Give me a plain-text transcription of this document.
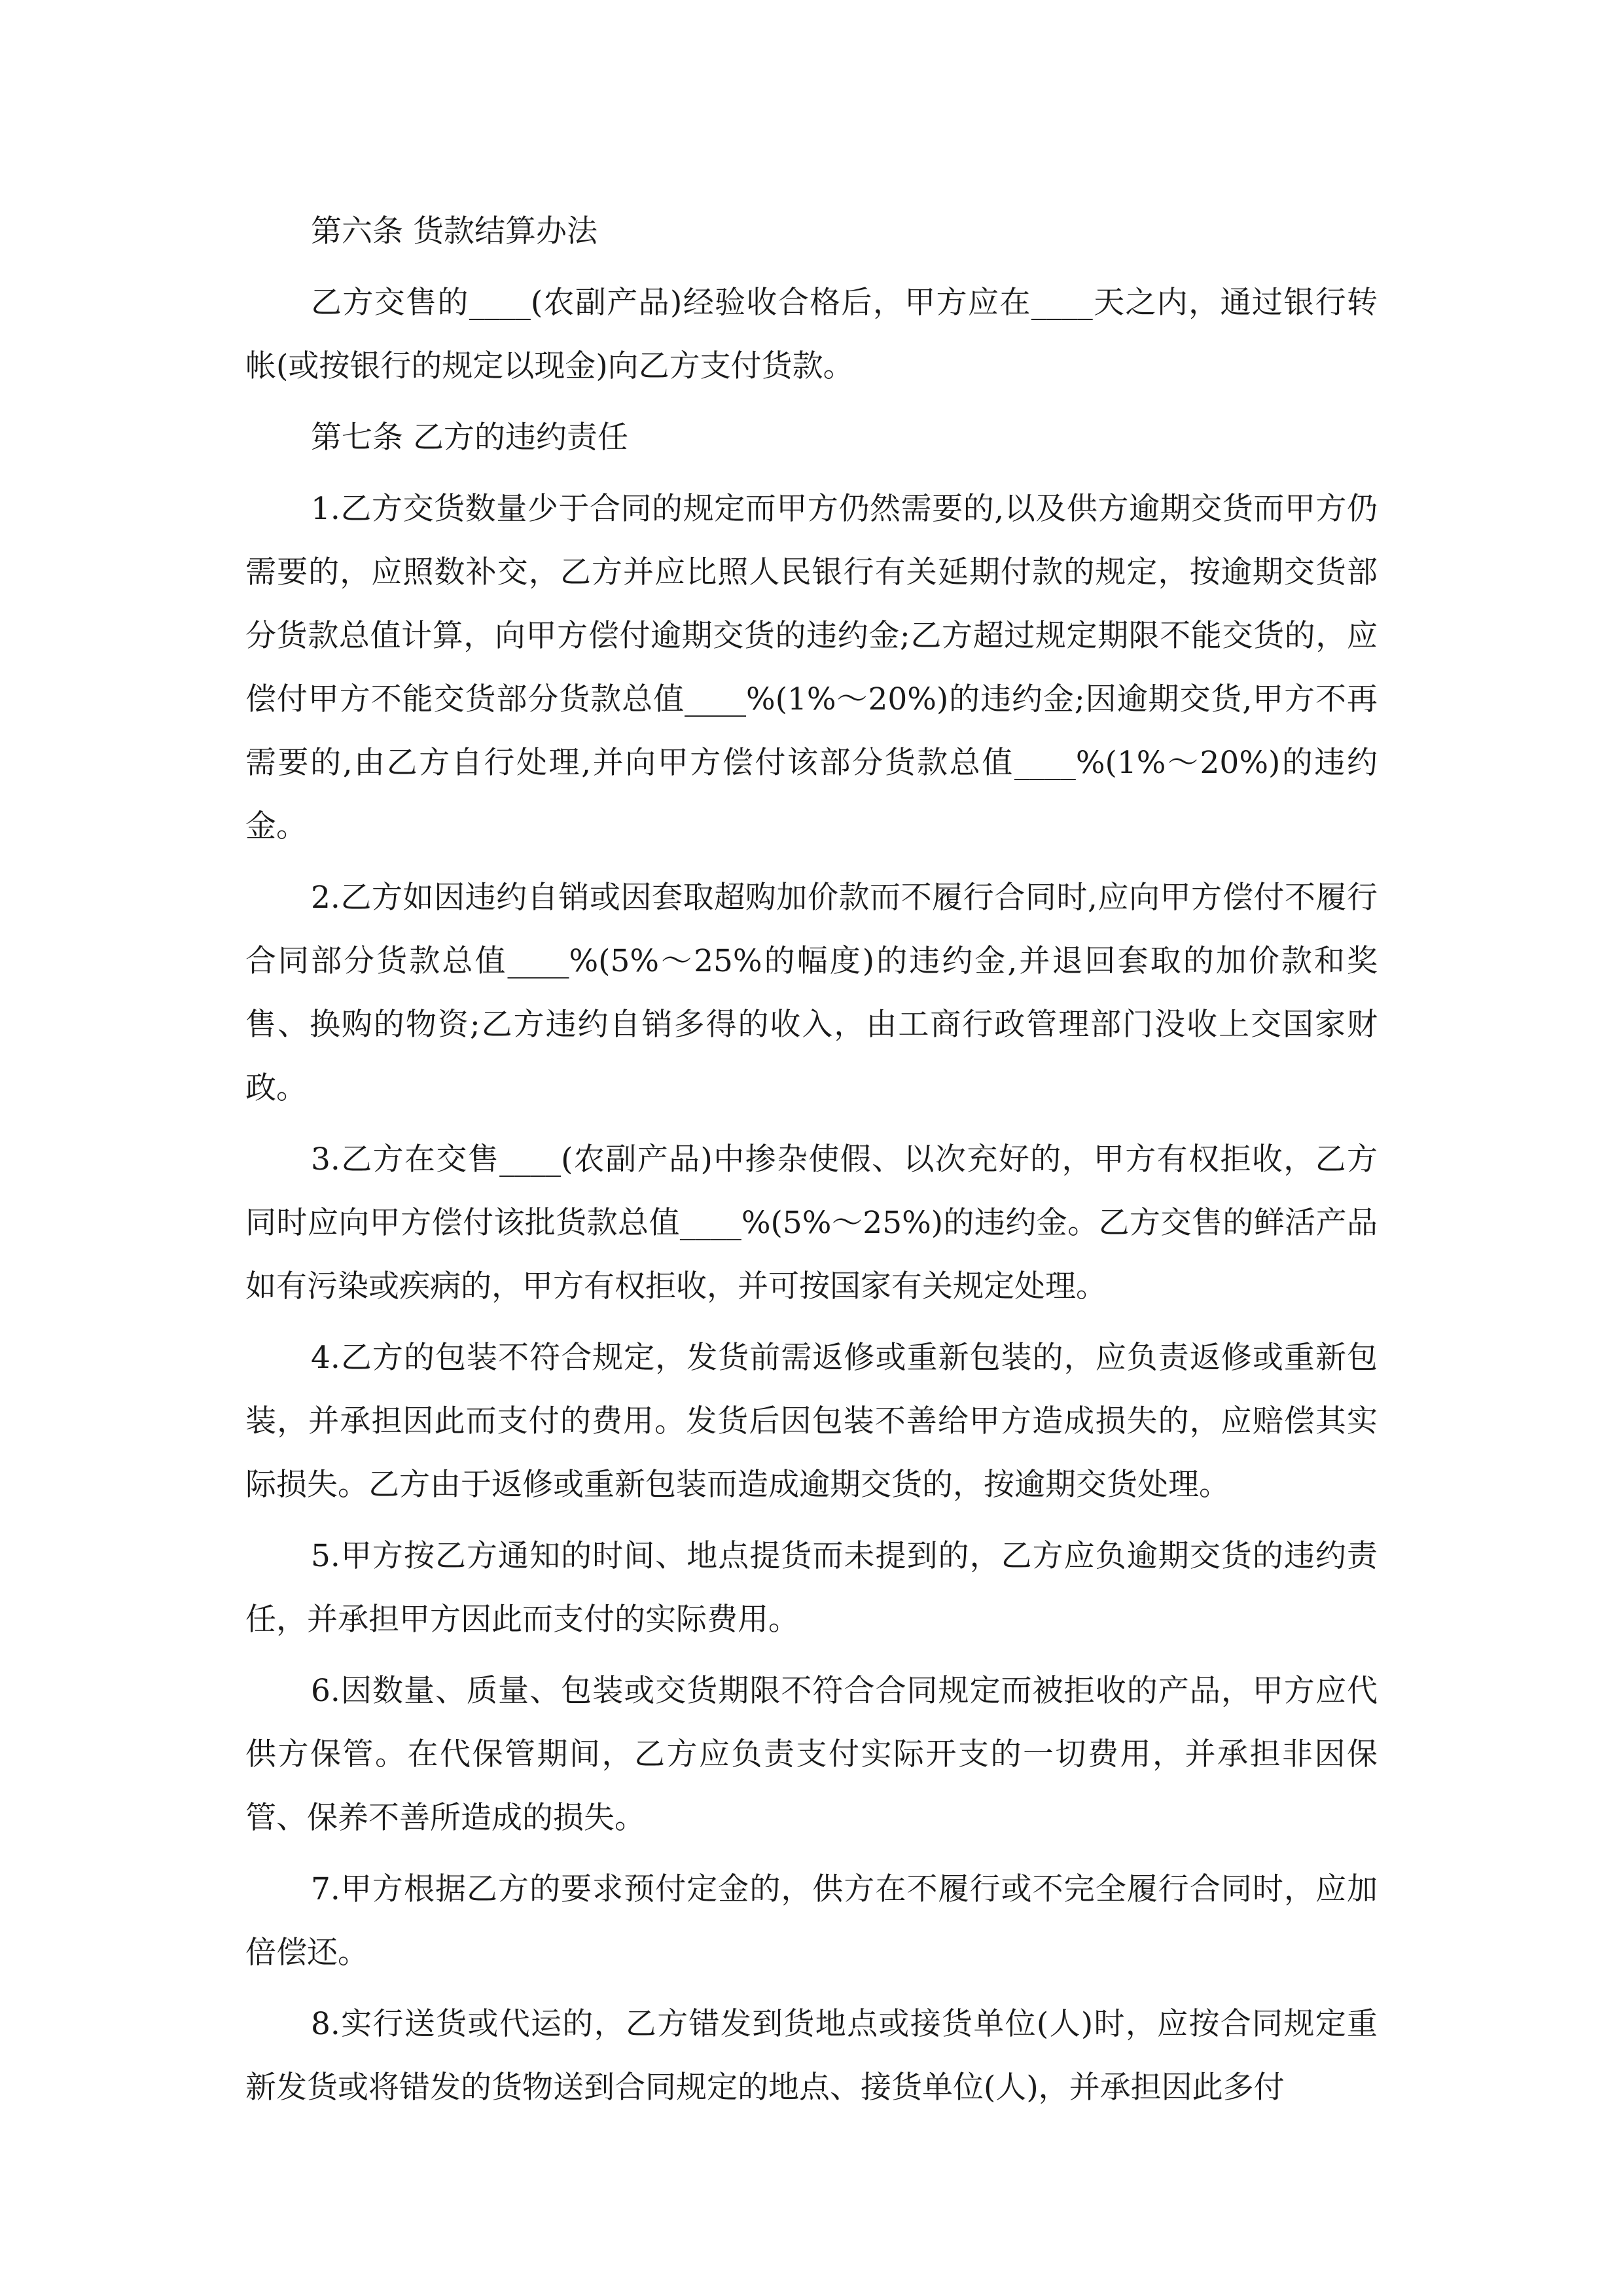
第六条 货款结算办法

乙方交售的____(农副产品)经验收合格后，甲方应在____天之内，通过银行转帐(或按银行的规定以现金)向乙方支付货款。

第七条 乙方的违约责任

1.乙方交货数量少于合同的规定而甲方仍然需要的,以及供方逾期交货而甲方仍需要的，应照数补交，乙方并应比照人民银行有关延期付款的规定，按逾期交货部分货款总值计算，向甲方偿付逾期交货的违约金;乙方超过规定期限不能交货的，应偿付甲方不能交货部分货款总值____%(1%～20%)的违约金;因逾期交货,甲方不再需要的,由乙方自行处理,并向甲方偿付该部分货款总值____%(1%～20%)的违约金。

2.乙方如因违约自销或因套取超购加价款而不履行合同时,应向甲方偿付不履行合同部分货款总值____%(5%～25%的幅度)的违约金,并退回套取的加价款和奖售、换购的物资;乙方违约自销多得的收入，由工商行政管理部门没收上交国家财政。

3.乙方在交售____(农副产品)中掺杂使假、以次充好的，甲方有权拒收，乙方同时应向甲方偿付该批货款总值____%(5%～25%)的违约金。乙方交售的鲜活产品如有污染或疾病的，甲方有权拒收，并可按国家有关规定处理。

4.乙方的包装不符合规定，发货前需返修或重新包装的，应负责返修或重新包装，并承担因此而支付的费用。发货后因包装不善给甲方造成损失的，应赔偿其实际损失。乙方由于返修或重新包装而造成逾期交货的，按逾期交货处理。

5.甲方按乙方通知的时间、地点提货而未提到的，乙方应负逾期交货的违约责任，并承担甲方因此而支付的实际费用。

6.因数量、质量、包装或交货期限不符合合同规定而被拒收的产品，甲方应代供方保管。在代保管期间，乙方应负责支付实际开支的一切费用，并承担非因保管、保养不善所造成的损失。

7.甲方根据乙方的要求预付定金的，供方在不履行或不完全履行合同时，应加倍偿还。

8.实行送货或代运的，乙方错发到货地点或接货单位(人)时，应按合同规定重新发货或将错发的货物送到合同规定的地点、接货单位(人)，并承担因此多付
